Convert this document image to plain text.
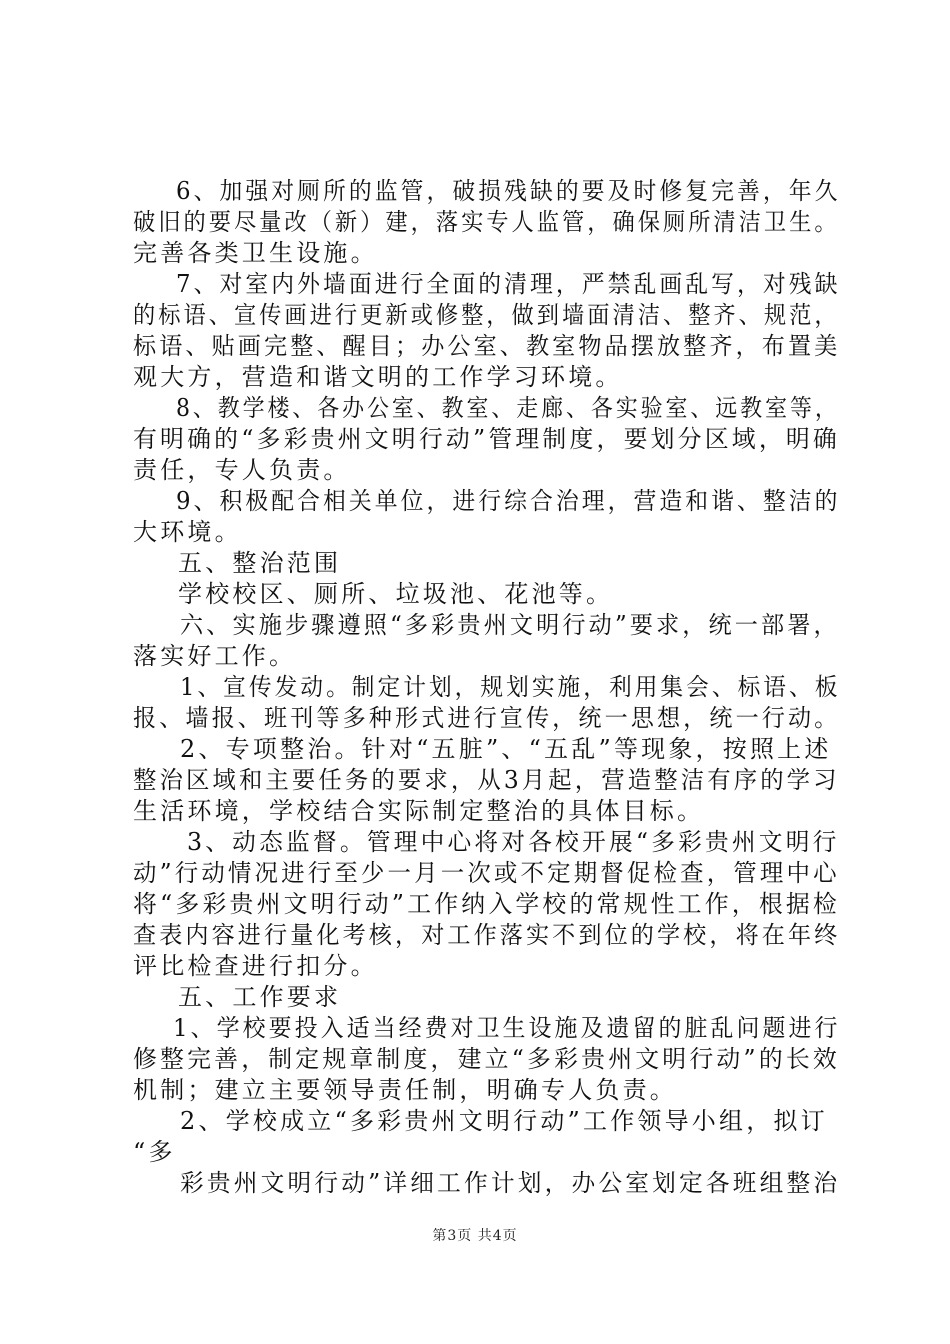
6、加强对厕所的监管，破损残缺的要及时修复完善，年久
破旧的要尽量改（新）建，落实专人监管，确保厕所清洁卫生。
完善各类卫生设施。
7、对室内外墙面进行全面的清理，严禁乱画乱写，对残缺
的标语、宣传画进行更新或修整，做到墙面清洁、整齐、规范，
标语、贴画完整、醒目；办公室、教室物品摆放整齐，布置美
观大方，营造和谐文明的工作学习环境。
8、教学楼、各办公室、教室、走廊、各实验室、远教室等，
有明确的“多彩贵州文明行动”管理制度，要划分区域，明确
责任，专人负责。
9、积极配合相关单位，进行综合治理，营造和谐、整洁的
大环境。
五、整治范围
学校校区、厕所、垃圾池、花池等。
六、实施步骤遵照“多彩贵州文明行动”要求，统一部署，
落实好工作。
1、宣传发动。制定计划，规划实施，利用集会、标语、板
报、墙报、班刊等多种形式进行宣传，统一思想，统一行动。
2、专项整治。针对“五脏”、“五乱”等现象，按照上述
整治区域和主要任务的要求，从3月起，营造整洁有序的学习
生活环境，学校结合实际制定整治的具体目标。
3、动态监督。管理中心将对各校开展“多彩贵州文明行
动”行动情况进行至少一月一次或不定期督促检查，管理中心
将“多彩贵州文明行动”工作纳入学校的常规性工作，根据检
查表内容进行量化考核，对工作落实不到位的学校，将在年终
评比检查进行扣分。
五、工作要求
1、学校要投入适当经费对卫生设施及遗留的脏乱问题进行
修整完善，制定规章制度，建立“多彩贵州文明行动”的长效
机制；建立主要领导责任制，明确专人负责。
2、学校成立“多彩贵州文明行动”工作领导小组，拟订
“多
彩贵州文明行动”详细工作计划，办公室划定各班组整治
第3页 共4页
